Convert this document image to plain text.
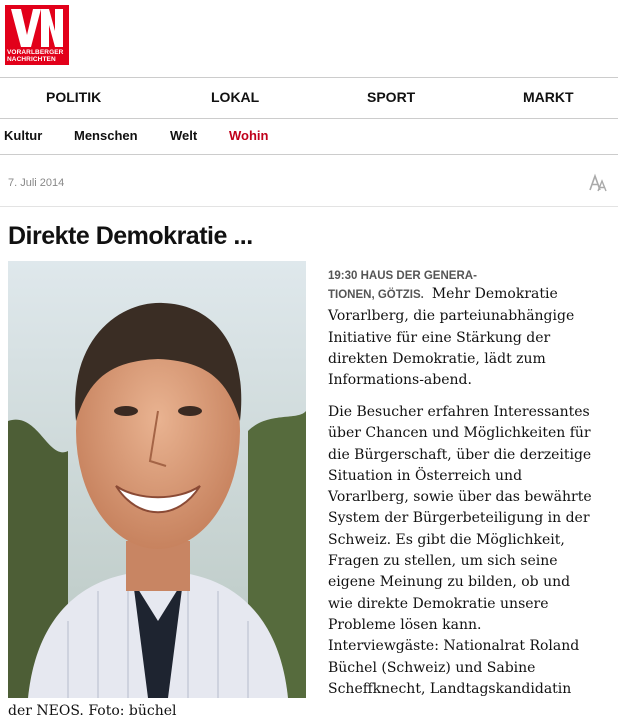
VORARLBERGER
NACHRICHTEN
POLITIK	LOKAL	SPORT	MARKT
Kultur Menschen Welt Wohin
7. Juli 2014
Direkte Demokratie ...
19:30 HAUS DER GENERA-
TIONEN, GÖTZIS. Mehr Demokratie
Vorarlberg, die parteiunabhängige
Initiative für eine Stärkung der
direkten Demokratie, lädt zum
Informations-abend.
Die Besucher erfahren Interessantes
über Chancen und Möglichkeiten für
die Bürgerschaft, über die derzeitige
Situation in Österreich und
Vorarlberg, sowie über das bewährte
System der Bürgerbeteiligung in der
Schweiz. Es gibt die Möglichkeit,
Fragen zu stellen, um sich seine
eigene Meinung zu bilden, ob und
wie direkte Demokratie unsere
Probleme lösen kann.
Interviewgäste: Nationalrat Roland
Büchel (Schweiz) und Sabine
Scheffknecht, Landtagskandidatin

der NEOS. Foto: büchel
